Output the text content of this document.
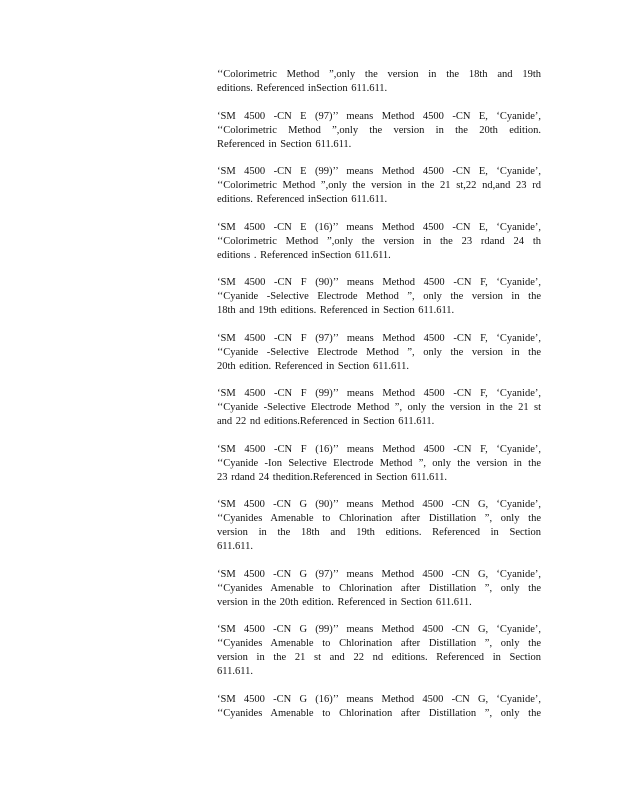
‘‘Colorimetric Method ”,only the version in the 18th and 19th
editions. Referenced inSection 611.611.

‘SM 4500 -CN E (97)’’ means Method 4500 -CN E, ‘Cyanide’,
‘‘Colorimetric Method ”,only the version in the 20th edition.
Referenced in Section 611.611.

‘SM 4500 -CN E (99)’’ means Method 4500 -CN E, ‘Cyanide’,
‘‘Colorimetric Method ”,only the version in the 21 st,22 nd,and 23 rd
editions. Referenced inSection 611.611.

‘SM 4500 -CN E (16)’’ means Method 4500 -CN E, ‘Cyanide’,
‘‘Colorimetric Method ”,only the version in the 23 rdand 24 th
editions . Referenced inSection 611.611.

‘SM 4500 -CN F (90)’’ means Method 4500 -CN F, ‘Cyanide’,
‘‘Cyanide -Selective Electrode Method ”, only the version in the
18th and 19th editions. Referenced in Section 611.611.

‘SM 4500 -CN F (97)’’ means Method 4500 -CN F, ‘Cyanide’,
‘‘Cyanide -Selective Electrode Method ”, only the version in the
20th edition. Referenced in Section 611.611.

‘SM 4500 -CN F (99)’’ means Method 4500 -CN F, ‘Cyanide’,
‘‘Cyanide -Selective Electrode Method ”, only the version in the 21 st
and 22 nd editions.Referenced in Section 611.611.

‘SM 4500 -CN F (16)’’ means Method 4500 -CN F, ‘Cyanide’,
‘‘Cyanide -Ion Selective Electrode Method ”, only the version in the
23 rdand 24 thedition.Referenced in Section 611.611.

‘SM 4500 -CN G (90)’’ means Method 4500 -CN G, ‘Cyanide’,
‘‘Cyanides Amenable to Chlorination after Distillation ”, only the
version in the 18th and 19th editions. Referenced in Section
611.611.

‘SM 4500 -CN G (97)’’ means Method 4500 -CN G, ‘Cyanide’,
‘‘Cyanides Amenable to Chlorination after Distillation ”, only the
version in the 20th edition. Referenced in Section 611.611.

‘SM 4500 -CN G (99)’’ means Method 4500 -CN G, ‘Cyanide’,
‘‘Cyanides Amenable to Chlorination after Distillation ”, only the
version in the 21 st and 22 nd editions. Referenced in Section
611.611.

‘SM 4500 -CN G (16)’’ means Method 4500 -CN G, ‘Cyanide’,
‘‘Cyanides Amenable to Chlorination after Distillation ”, only the
